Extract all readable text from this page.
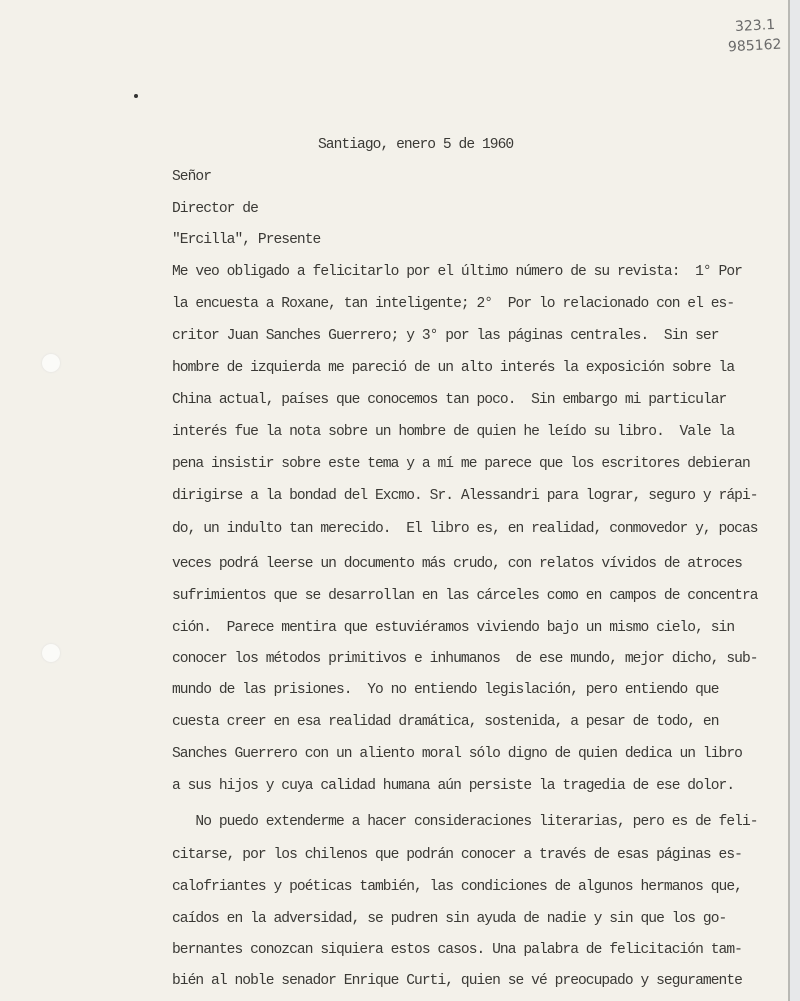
323.1
985162
Santiago, enero 5 de 1960
Señor
Director de
"Ercilla", Presente
Me veo obligado a felicitarlo por el último número de su revista:  1° Por
la encuesta a Roxane, tan inteligente; 2°  Por lo relacionado con el es-
critor Juan Sanches Guerrero; y 3° por las páginas centrales.  Sin ser
hombre de izquierda me pareció de un alto interés la exposición sobre la
China actual, países que conocemos tan poco.  Sin embargo mi particular
interés fue la nota sobre un hombre de quien he leído su libro.  Vale la
pena insistir sobre este tema y a mí me parece que los escritores debieran
dirigirse a la bondad del Excmo. Sr. Alessandri para lograr, seguro y rápi-
do, un indulto tan merecido.  El libro es, en realidad, conmovedor y, pocas
veces podrá leerse un documento más crudo, con relatos vívidos de atroces
sufrimientos que se desarrollan en las cárceles como en campos de concentra
ción.  Parece mentira que estuviéramos viviendo bajo un mismo cielo, sin
conocer los métodos primitivos e inhumanos  de ese mundo, mejor dicho, sub-
mundo de las prisiones.  Yo no entiendo legislación, pero entiendo que
cuesta creer en esa realidad dramática, sostenida, a pesar de todo, en
Sanches Guerrero con un aliento moral sólo digno de quien dedica un libro
a sus hijos y cuya calidad humana aún persiste la tragedia de ese dolor.
No puedo extenderme a hacer consideraciones literarias, pero es de feli-
citarse, por los chilenos que podrán conocer a través de esas páginas es-
calofriantes y poéticas también, las condiciones de algunos hermanos que,
caídos en la adversidad, se pudren sin ayuda de nadie y sin que los go-
bernantes conozcan siquiera estos casos. Una palabra de felicitación tam-
bién al noble senador Enrique Curti, quien se vé preocupado y seguramente
